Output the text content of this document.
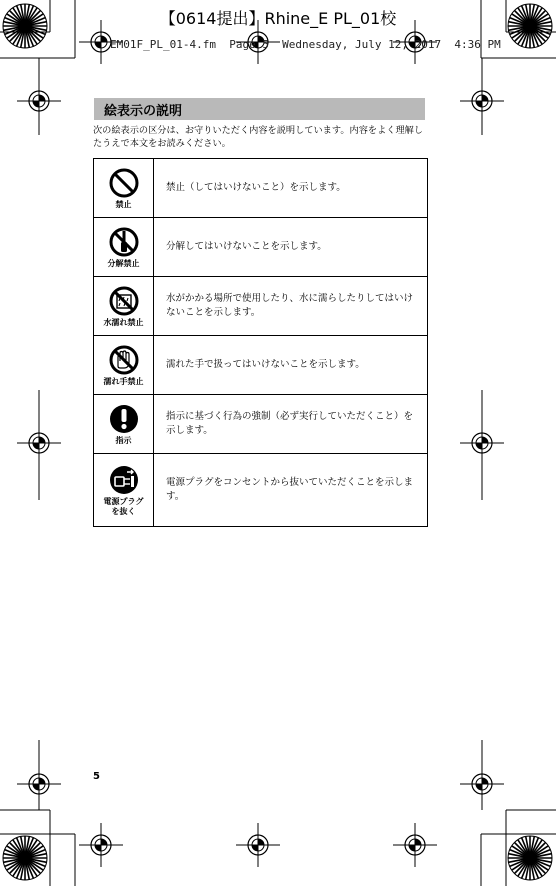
【0614提出】Rhine_E PL_01校
EM01F_PL_01-4.fm  Page 5  Wednesday, July 12, 2017  4:36 PM
絵表示の説明
次の絵表示の区分は、お守りいただく内容を説明しています。内容をよく理解したうえで本文をお読みください。
禁止	禁止（してはいけないこと）を示します。

分解禁止	分解してはいけないことを示します。

水濡れ禁止	水がかかる場所で使用したり、水に濡らしたりしてはいけないことを示します。

濡れ手禁止	濡れた手で扱ってはいけないことを示します。

指示	指示に基づく行為の強制（必ず実行していただくこと）を示します。

電源プラグ
を抜く	電源プラグをコンセントから抜いていただくことを示します。
5
